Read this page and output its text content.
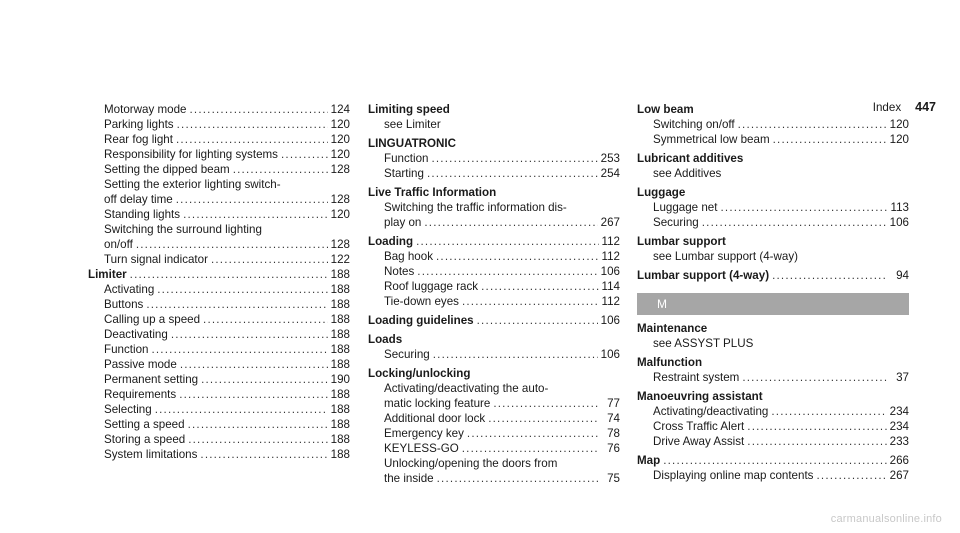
Index 447
Motorway mode .....	124
Parking lights .....	120
Rear fog light .....	120
Responsibility for lighting systems .....	120
Setting the dipped beam .....	128
Setting the exterior lighting switch-
off delay time .....	128
Standing lights .....	120
Switching the surround lighting
on/off .....	128
Turn signal indicator .....	122
Limiter .....	188
Activating .....	188
Buttons .....	188
Calling up a speed .....	188
Deactivating .....	188
Function .....	188
Passive mode .....	188
Permanent setting .....	190
Requirements .....	188
Selecting .....	188
Setting a speed .....	188
Storing a speed .....	188
System limitations .....	188
Limiting speed
see Limiter
LINGUATRONIC
Function .....	253
Starting .....	254
Live Traffic Information
Switching the traffic information dis-
play on .....	267
Loading .....	112
Bag hook .....	112
Notes .....	106
Roof luggage rack .....	114
Tie-down eyes .....	112
Loading guidelines .....	106
Loads
Securing .....	106
Locking/unlocking
Activating/deactivating the auto-
matic locking feature .....	77
Additional door lock .....	74
Emergency key .....	78
KEYLESS-GO .....	76
Unlocking/opening the doors from
the inside .....	75
Low beam
Switching on/off .....	120
Symmetrical low beam .....	120
Lubricant additives
see Additives
Luggage
Luggage net .....	113
Securing .....	106
Lumbar support
see Lumbar support (4-way)
Lumbar support (4-way) .....	94
M
Maintenance
see ASSYST PLUS
Malfunction
Restraint system .....	37
Manoeuvring assistant
Activating/deactivating .....	234
Cross Traffic Alert .....	234
Drive Away Assist .....	233
Map .....	266
Displaying online map contents .....	267
carmanualsonline.info
